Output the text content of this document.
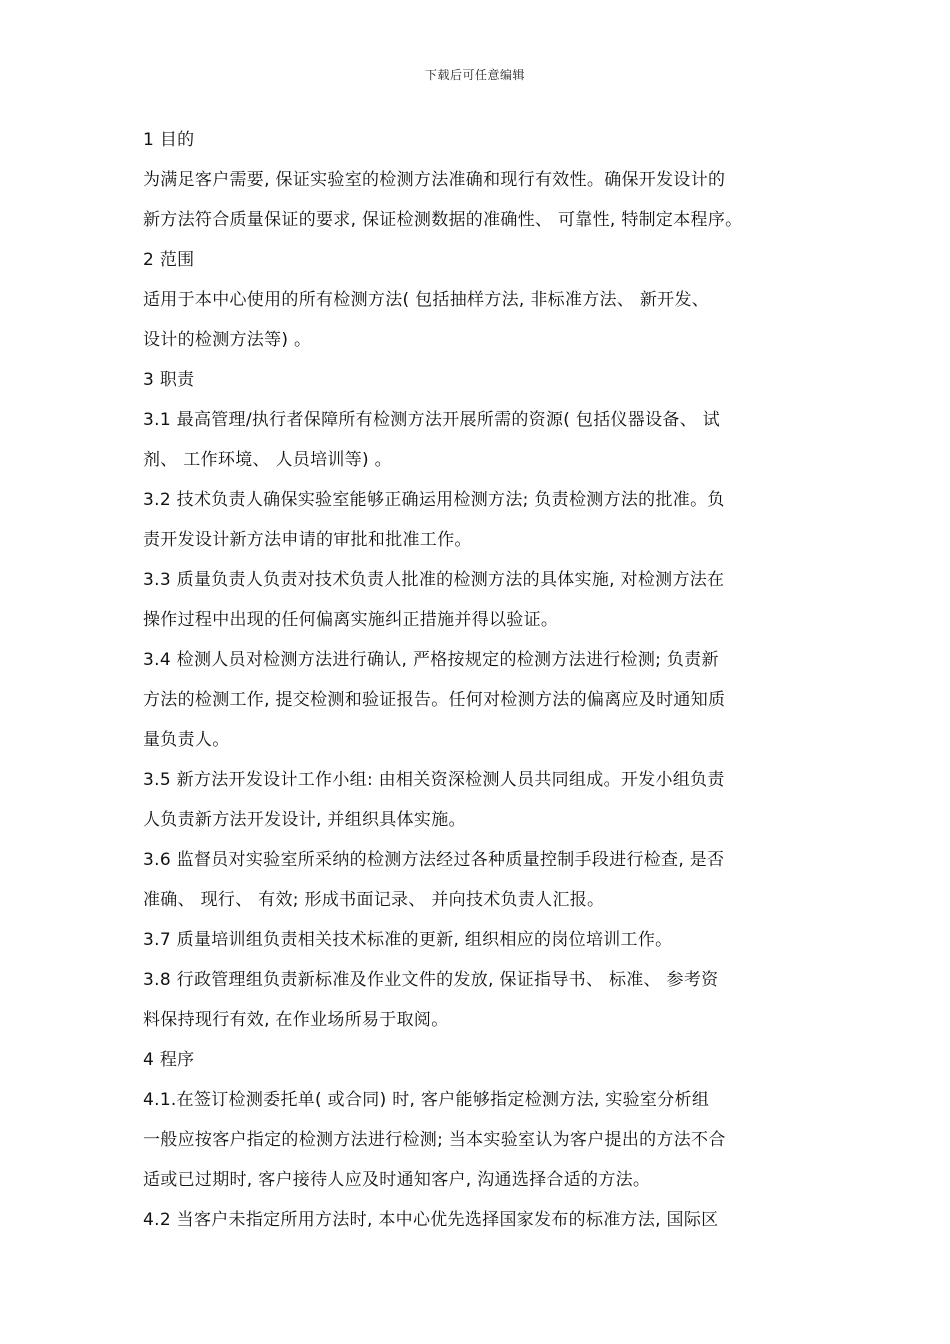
下载后可任意编辑
1 目的
为满足客户需要, 保证实验室的检测方法准确和现行有效性。确保开发设计的
新方法符合质量保证的要求, 保证检测数据的准确性、 可靠性, 特制定本程序。
2 范围
适用于本中心使用的所有检测方法( 包括抽样方法, 非标准方法、 新开发、
设计的检测方法等) 。
3 职责
3.1 最高管理/执行者保障所有检测方法开展所需的资源( 包括仪器设备、 试
剂、 工作环境、 人员培训等) 。
3.2 技术负责人确保实验室能够正确运用检测方法; 负责检测方法的批准。负
责开发设计新方法申请的审批和批准工作。
3.3 质量负责人负责对技术负责人批准的检测方法的具体实施, 对检测方法在
操作过程中出现的任何偏离实施纠正措施并得以验证。
3.4 检测人员对检测方法进行确认, 严格按规定的检测方法进行检测; 负责新
方法的检测工作, 提交检测和验证报告。任何对检测方法的偏离应及时通知质
量负责人。
3.5 新方法开发设计工作小组: 由相关资深检测人员共同组成。开发小组负责
人负责新方法开发设计, 并组织具体实施。
3.6 监督员对实验室所采纳的检测方法经过各种质量控制手段进行检查, 是否
准确、 现行、 有效; 形成书面记录、 并向技术负责人汇报。
3.7 质量培训组负责相关技术标准的更新, 组织相应的岗位培训工作。
3.8 行政管理组负责新标准及作业文件的发放, 保证指导书、 标准、 参考资
料保持现行有效, 在作业场所易于取阅。
4 程序
4.1.在签订检测委托单( 或合同) 时, 客户能够指定检测方法, 实验室分析组
一般应按客户指定的检测方法进行检测; 当本实验室认为客户提出的方法不合
适或已过期时, 客户接待人应及时通知客户, 沟通选择合适的方法。
4.2 当客户未指定所用方法时, 本中心优先选择国家发布的标准方法, 国际区
